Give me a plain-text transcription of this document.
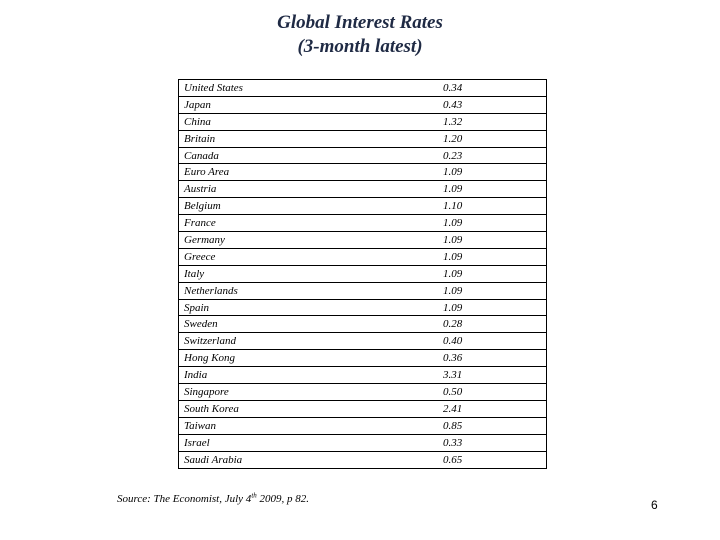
Global Interest Rates
(3-month latest)
United States	0.34
Japan	0.43
China	1.32
Britain	1.20
Canada	0.23
Euro Area	1.09
Austria	1.09
Belgium	1.10
France	1.09
Germany	1.09
Greece	1.09
Italy	1.09
Netherlands	1.09
Spain	1.09
Sweden	0.28
Switzerland	0.40
Hong Kong	0.36
India	3.31
Singapore	0.50
South Korea	2.41
Taiwan	0.85
Israel	0.33
Saudi Arabia	0.65
Source: The Economist, July 4th 2009, p 82.	6
